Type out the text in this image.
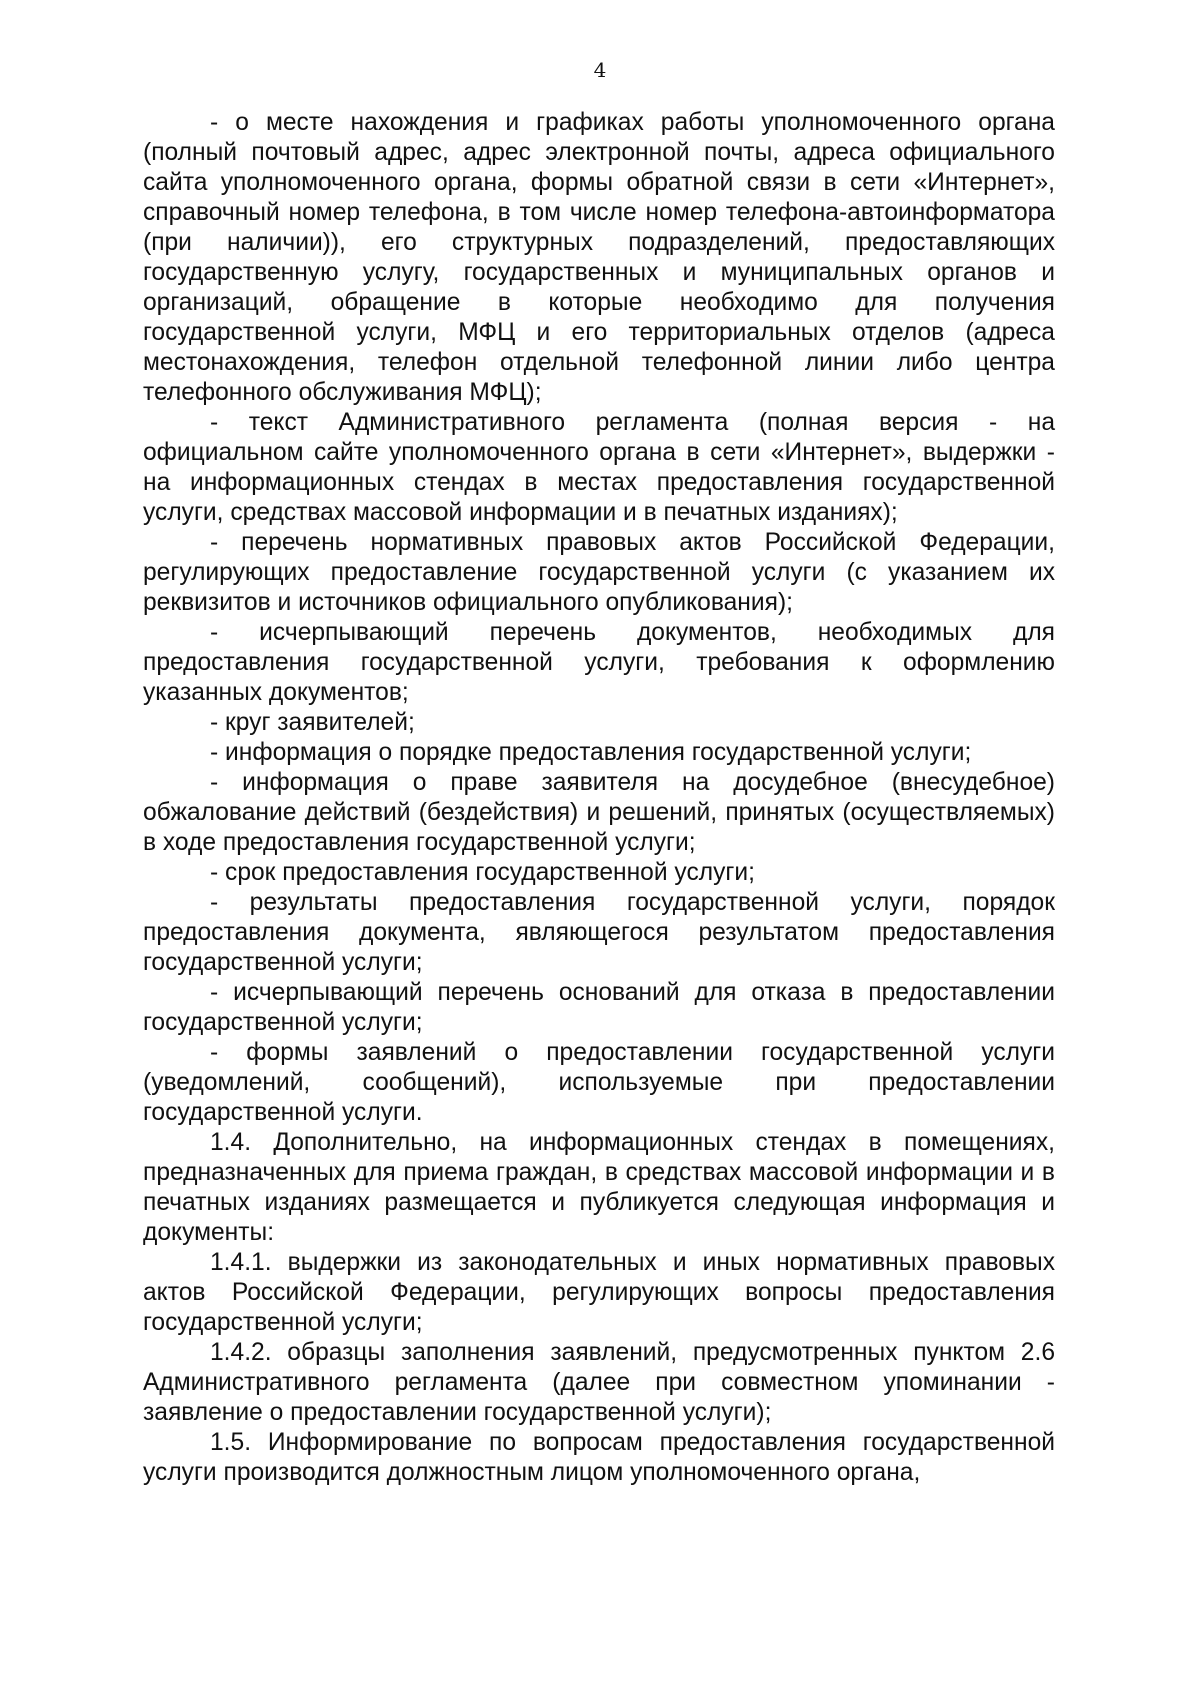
4

- о месте нахождения и графиках работы уполномоченного органа (полный почтовый адрес, адрес электронной почты, адреса официального сайта уполномоченного органа, формы обратной связи в сети «Интернет», справочный номер телефона, в том числе номер телефона-автоинформатора (при наличии)), его структурных подразделений, предоставляющих государственную услугу, государственных и муниципальных органов и организаций, обращение в которые необходимо для получения государственной услуги, МФЦ и его территориальных отделов (адреса местонахождения, телефон отдельной телефонной линии либо центра телефонного обслуживания МФЦ);

- текст Административного регламента (полная версия - на официальном сайте уполномоченного органа в сети «Интернет», выдержки - на информационных стендах в местах предоставления государственной услуги, средствах массовой информации и в печатных изданиях);

- перечень нормативных правовых актов Российской Федерации, регулирующих предоставление государственной услуги (с указанием их реквизитов и источников официального опубликования);

- исчерпывающий перечень документов, необходимых для предоставления государственной услуги, требования к оформлению указанных документов;

- круг заявителей;

- информация о порядке предоставления государственной услуги;

- информация о праве заявителя на досудебное (внесудебное) обжалование действий (бездействия) и решений, принятых (осуществляемых) в ходе предоставления государственной услуги;

- срок предоставления государственной услуги;

- результаты предоставления государственной услуги, порядок предоставления документа, являющегося результатом предоставления государственной услуги;

- исчерпывающий перечень оснований для отказа в предоставлении государственной услуги;

- формы заявлений о предоставлении государственной услуги (уведомлений, сообщений), используемые при предоставлении государственной услуги.

1.4. Дополнительно, на информационных стендах в помещениях, предназначенных для приема граждан, в средствах массовой информации и в печатных изданиях размещается и публикуется следующая информация и документы:

1.4.1. выдержки из законодательных и иных нормативных правовых актов Российской Федерации, регулирующих вопросы предоставления государственной услуги;

1.4.2. образцы заполнения заявлений, предусмотренных пунктом 2.6 Административного регламента (далее при совместном упоминании - заявление о предоставлении государственной услуги);

1.5. Информирование по вопросам предоставления государственной услуги производится должностным лицом уполномоченного органа,
